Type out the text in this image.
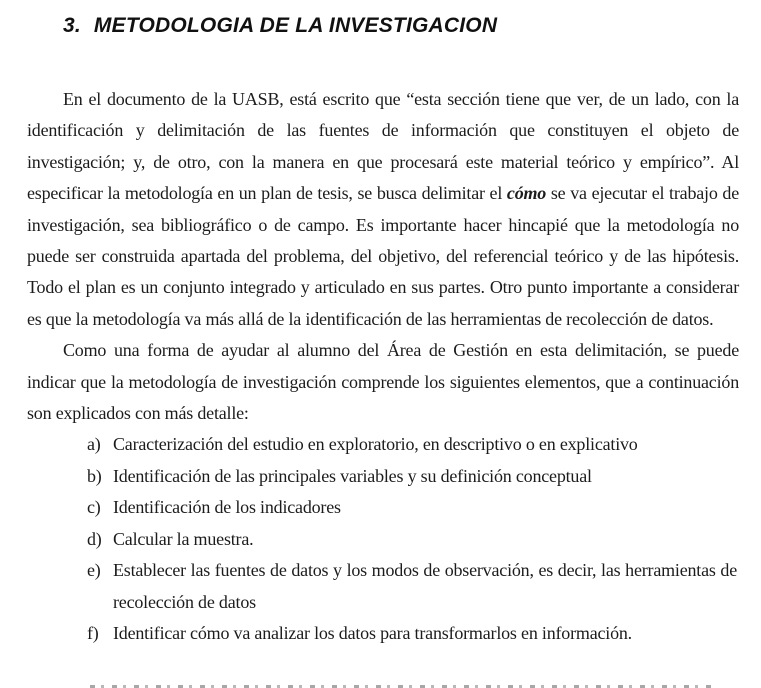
3. METODOLOGIA DE LA INVESTIGACION

En el documento de la UASB, está escrito que “esta sección tiene que ver, de un lado, con la identificación y delimitación de las fuentes de información que constituyen el objeto de investigación; y, de otro, con la manera en que procesará este material teórico y empírico”. Al especificar la metodología en un plan de tesis, se busca delimitar el cómo se va ejecutar el trabajo de investigación, sea bibliográfico o de campo. Es importante hacer hincapié que la metodología no puede ser construida apartada del problema, del objetivo, del referencial teórico y de las hipótesis. Todo el plan es un conjunto integrado y articulado en sus partes. Otro punto importante a considerar es que la metodología va más allá de la identificación de las herramientas de recolección de datos.

Como una forma de ayudar al alumno del Área de Gestión en esta delimitación, se puede indicar que la metodología de investigación comprende los siguientes elementos, que a continuación son explicados con más detalle:

a) Caracterización del estudio en exploratorio, en descriptivo o en explicativo
b) Identificación de las principales variables y su definición conceptual
c) Identificación de los indicadores
d) Calcular la muestra.
e) Establecer las fuentes de datos y los modos de observación, es decir, las herramientas de recolección de datos
f) Identificar cómo va analizar los datos para transformarlos en información.
